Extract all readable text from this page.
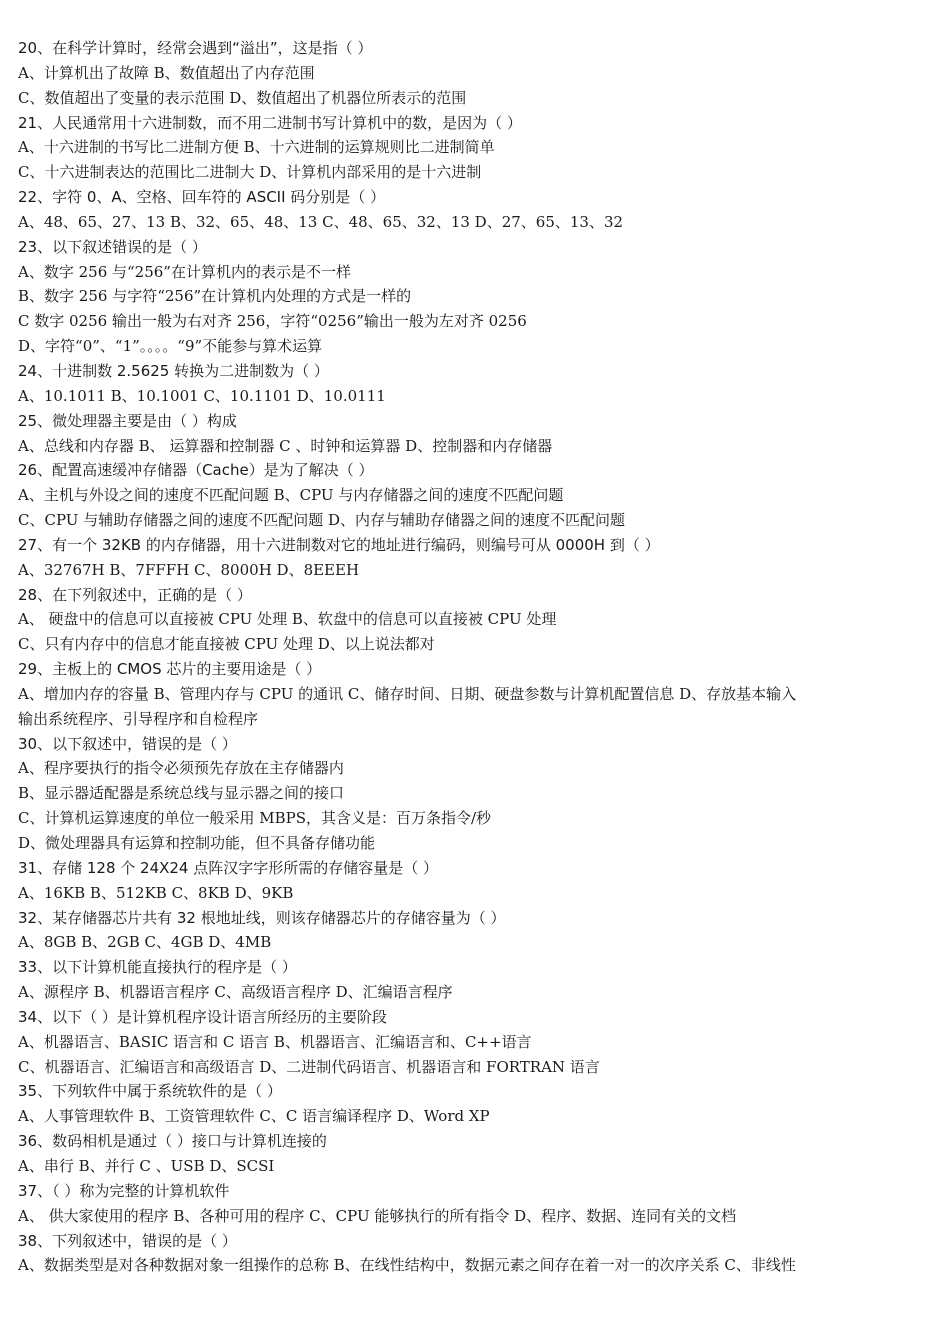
20、在科学计算时，经常会遇到“溢出”，这是指（ ）
A、计算机出了故障 B、数值超出了内存范围
C、数值超出了变量的表示范围 D、数值超出了机器位所表示的范围
21、人民通常用十六进制数，而不用二进制书写计算机中的数，是因为（ ）
A、十六进制的书写比二进制方便 B、十六进制的运算规则比二进制简单
C、十六进制表达的范围比二进制大 D、计算机内部采用的是十六进制
22、字符 0、A、空格、回车符的 ASCII 码分别是（ ）
A、48、65、27、13 B、32、65、48、13 C、48、65、32、13 D、27、65、13、32
23、以下叙述错误的是（ ）
A、数字 256 与“256”在计算机内的表示是不一样
B、数字 256 与字符“256”在计算机内处理的方式是一样的
C 数字 0256 输出一般为右对齐 256，字符“0256”输出一般为左对齐 0256
D、字符“0”、“1”。。。。“9”不能参与算术运算
24、十进制数 2.5625 转换为二进制数为（ ）
A、10.1011 B、10.1001 C、10.1101 D、10.0111
25、微处理器主要是由（ ）构成
A、总线和内存器 B、 运算器和控制器 C 、时钟和运算器 D、控制器和内存储器
26、配置高速缓冲存储器（Cache）是为了解决（ ）
A、主机与外设之间的速度不匹配问题 B、CPU 与内存储器之间的速度不匹配问题
C、CPU 与辅助存储器之间的速度不匹配问题 D、内存与辅助存储器之间的速度不匹配问题
27、有一个 32KB 的内存储器，用十六进制数对它的地址进行编码，则编号可从 0000H 到（ ）
A、32767H B、7FFFH C、8000H D、8EEEH
28、在下列叙述中，正确的是（ ）
A、 硬盘中的信息可以直接被 CPU 处理 B、软盘中的信息可以直接被 CPU 处理
C、只有内存中的信息才能直接被 CPU 处理 D、以上说法都对
29、主板上的 CMOS 芯片的主要用途是（ ）
A、增加内存的容量 B、管理内存与 CPU 的通讯 C、储存时间、日期、硬盘参数与计算机配置信息 D、存放基本输入
输出系统程序、引导程序和自检程序
30、以下叙述中，错误的是（ ）
A、程序要执行的指令必须预先存放在主存储器内
B、显示器适配器是系统总线与显示器之间的接口
C、计算机运算速度的单位一般采用 MBPS，其含义是：百万条指令/秒
D、微处理器具有运算和控制功能，但不具备存储功能
31、存储 128 个 24X24 点阵汉字字形所需的存储容量是（ ）
A、16KB B、512KB C、8KB D、9KB
32、某存储器芯片共有 32 根地址线，则该存储器芯片的存储容量为（ ）
A、8GB B、2GB C、4GB D、4MB
33、以下计算机能直接执行的程序是（ ）
A、源程序 B、机器语言程序 C、高级语言程序 D、汇编语言程序
34、以下（ ）是计算机程序设计语言所经历的主要阶段
A、机器语言、BASIC 语言和 C 语言 B、机器语言、汇编语言和、C++语言
C、机器语言、汇编语言和高级语言 D、二进制代码语言、机器语言和 FORTRAN 语言
35、下列软件中属于系统软件的是（ ）
A、人事管理软件 B、工资管理软件 C、C 语言编译程序 D、Word XP
36、数码相机是通过（ ）接口与计算机连接的
A、串行 B、并行 C 、USB D、SCSI
37、（ ）称为完整的计算机软件
A、 供大家使用的程序 B、各种可用的程序 C、CPU 能够执行的所有指令 D、程序、数据、连同有关的文档
38、下列叙述中，错误的是（ ）
A、数据类型是对各种数据对象一组操作的总称 B、在线性结构中，数据元素之间存在着一对一的次序关系 C、非线性
